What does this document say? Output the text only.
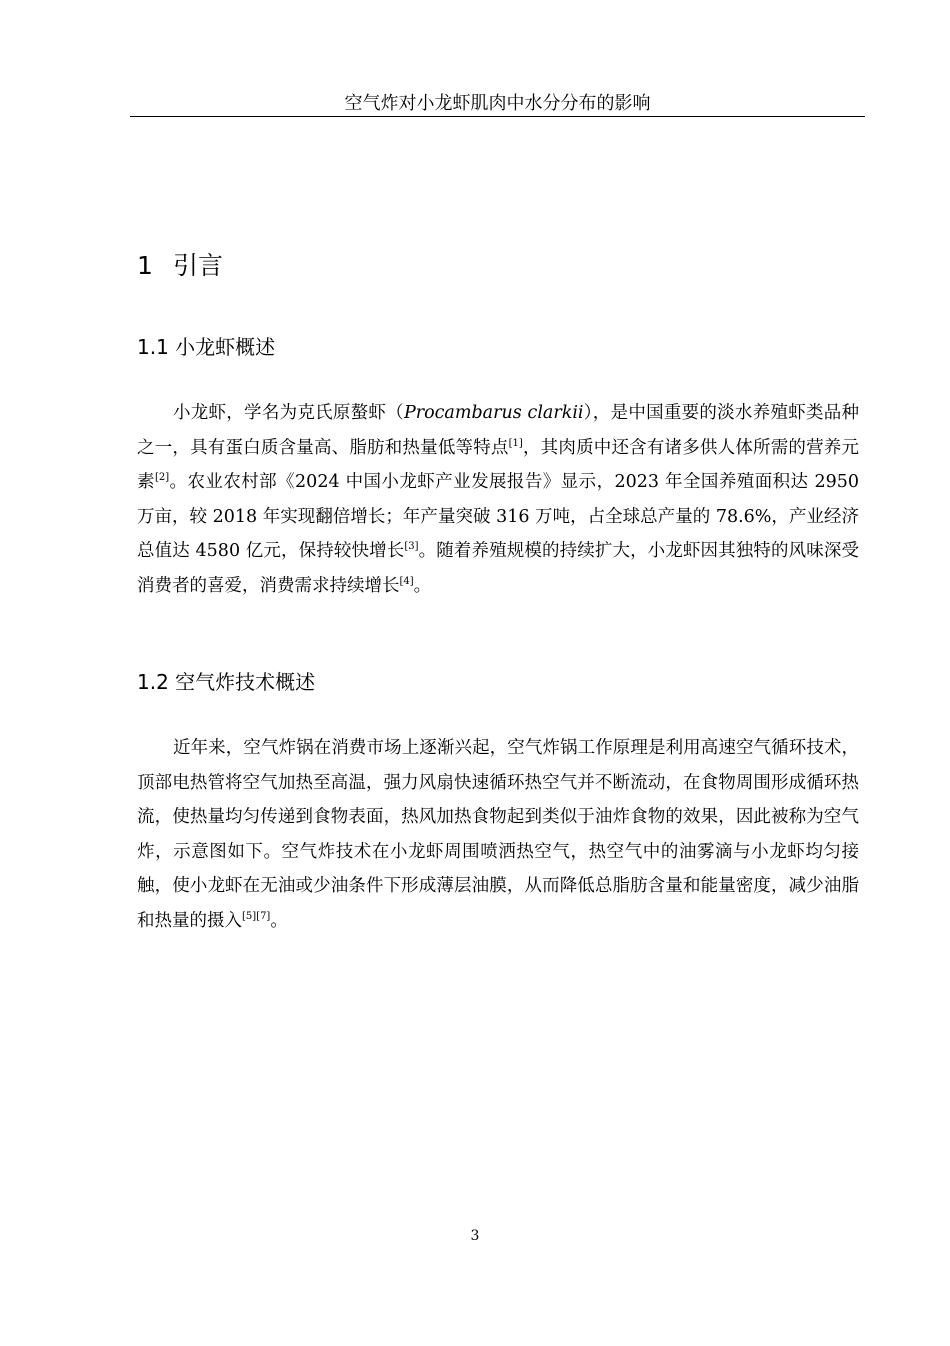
空气炸对小龙虾肌肉中水分分布的影响
1 引言
1.1 小龙虾概述

小龙虾，学名为克氏原螯虾（Procambarus clarkii），是中国重要的淡水养殖虾类品种之一，具有蛋白质含量高、脂肪和热量低等特点[1]，其肉质中还含有诸多供人体所需的营养元素[2]。农业农村部《2024 中国小龙虾产业发展报告》显示，2023 年全国养殖面积达 2950 万亩，较 2018 年实现翻倍增长；年产量突破 316 万吨，占全球总产量的 78.6%，产业经济总值达 4580 亿元，保持较快增长[3]。随着养殖规模的持续扩大，小龙虾因其独特的风味深受消费者的喜爱，消费需求持续增长[4]。

1.2 空气炸技术概述

近年来，空气炸锅在消费市场上逐渐兴起，空气炸锅工作原理是利用高速空气循环技术，顶部电热管将空气加热至高温，强力风扇快速循环热空气并不断流动，在食物周围形成循环热流，使热量均匀传递到食物表面，热风加热食物起到类似于油炸食物的效果，因此被称为空气炸，示意图如下。空气炸技术在小龙虾周围喷洒热空气，热空气中的油雾滴与小龙虾均匀接触，使小龙虾在无油或少油条件下形成薄层油膜，从而降低总脂肪含量和能量密度，减少油脂和热量的摄入[5][7]。

3
